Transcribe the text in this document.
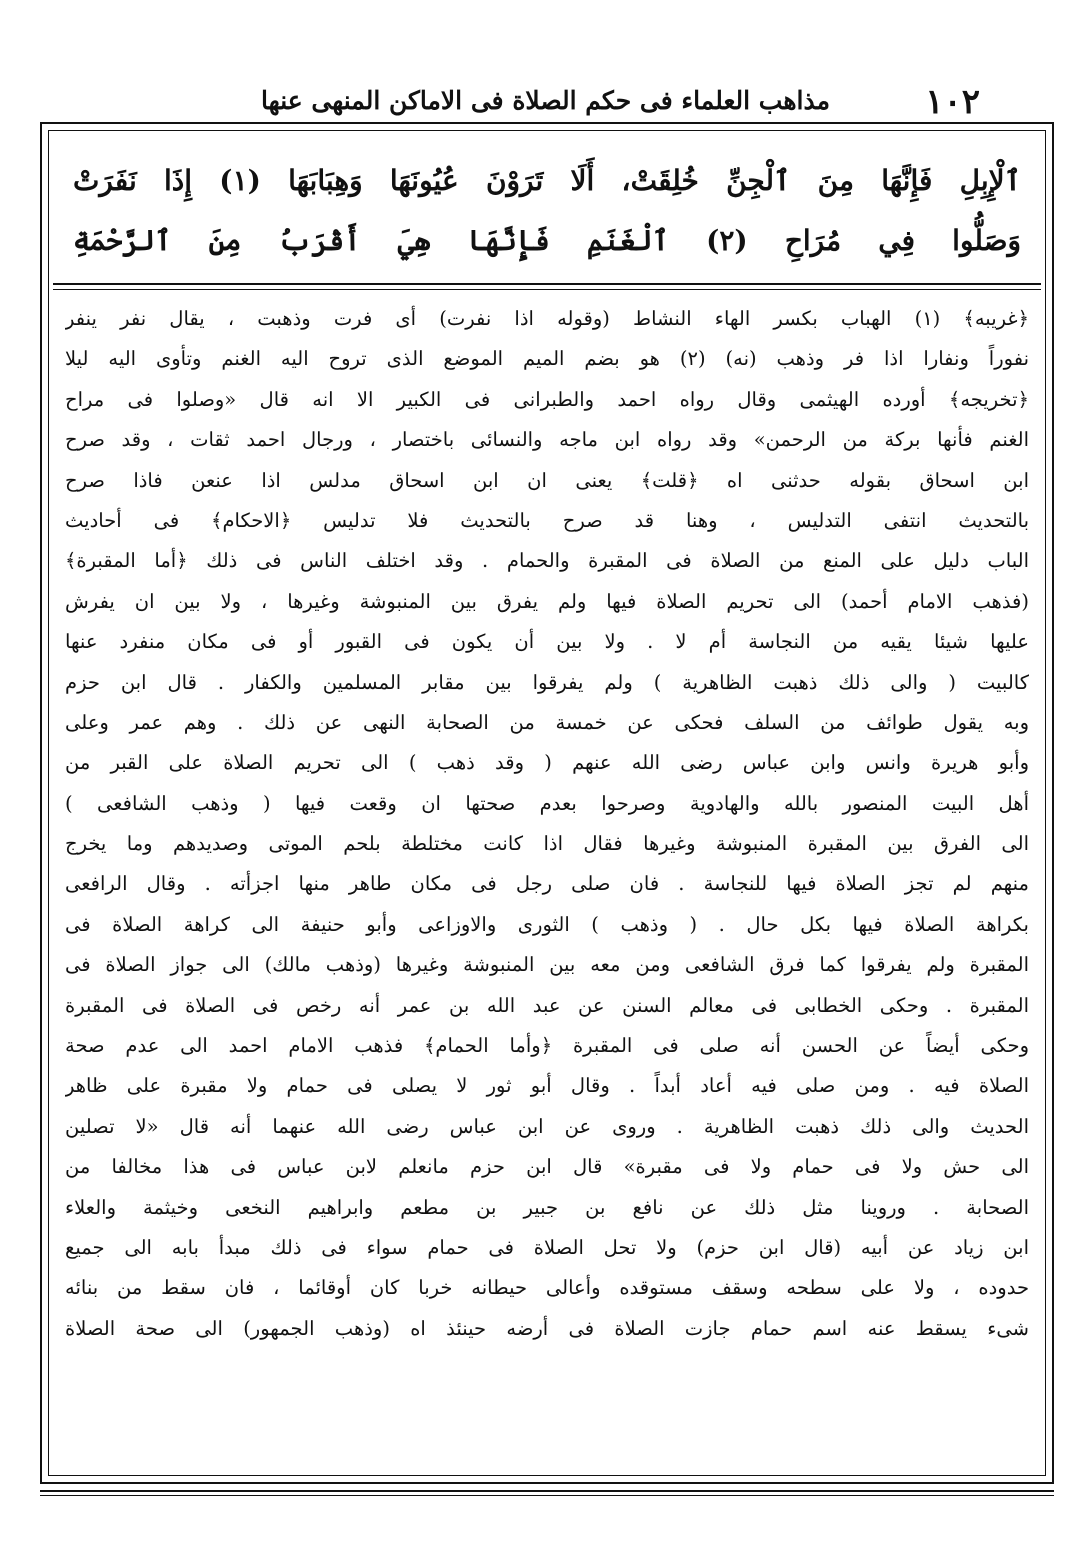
١٠٢
مذاهب العلماء فى حكم الصلاة فى الاماكن المنهى عنها
ٱلْإِبِلِ فَإِنَّهَا مِنَ ٱلْجِنِّ خُلِقَتْ، أَلَا تَرَوْنَ عُيُونَهَا وَهِبَابَهَا (١) إِذَا نَفَرَتْ
وَصَلُّوا فِي مُرَاحِ (٢) ٱلْغَنَمِ فَإِنَّهَا هِيَ أَقْرَبُ مِنَ ٱلرَّحْمَةِ
﴿غريبه﴾ (١) الهباب بكسر الهاء النشاط (وقوله اذا نفرت) أى فرت وذهبت ، يقال نفر ينفر
نفوراً ونفارا اذا فر وذهب (نه) (٢) هو بضم الميم الموضع الذى تروح اليه الغنم وتأوى اليه ليلا
﴿تخريجه﴾ أورده الهيثمى وقال رواه احمد والطبرانى فى الكبير الا انه قال «وصلوا فى مراح
الغنم فأنها بركة من الرحمن» وقد رواه ابن ماجه والنسائى باختصار ، ورجال احمد ثقات ، وقد صرح
ابن اسحاق بقوله حدثنى اه ﴿قلت﴾ يعنى ان ابن اسحاق مدلس اذا عنعن فاذا صرح
بالتحديث انتفى التدليس ، وهنا قد صرح بالتحديث فلا تدليس ﴿الاحكام﴾ فى أحاديث
الباب دليل على المنع من الصلاة فى المقبرة والحمام . وقد اختلف الناس فى ذلك ﴿أما المقبرة﴾
(فذهب الامام أحمد) الى تحريم الصلاة فيها ولم يفرق بين المنبوشة وغيرها ، ولا بين ان يفرش
عليها شيئا يقيه من النجاسة أم لا . ولا بين أن يكون فى القبور أو فى مكان منفرد عنها
كالبيت ( والى ذلك ذهبت الظاهرية ) ولم يفرقوا بين مقابر المسلمين والكفار . قال ابن حزم
وبه يقول طوائف من السلف فحكى عن خمسة من الصحابة النهى عن ذلك . وهم عمر وعلى
وأبو هريرة وانس وابن عباس رضى الله عنهم ( وقد ذهب ) الى تحريم الصلاة على القبر من
أهل البيت المنصور بالله والهادوية وصرحوا بعدم صحتها ان وقعت فيها ( وذهب الشافعى )
الى الفرق بين المقبرة المنبوشة وغيرها فقال اذا كانت مختلطة بلحم الموتى وصديدهم وما يخرج
منهم لم تجز الصلاة فيها للنجاسة . فان صلى رجل فى مكان طاهر منها اجزأته . وقال الرافعى
بكراهة الصلاة فيها بكل حال . ( وذهب ) الثورى والاوزاعى وأبو حنيفة الى كراهة الصلاة فى
المقبرة ولم يفرقوا كما فرق الشافعى ومن معه بين المنبوشة وغيرها (وذهب مالك) الى جواز الصلاة فى
المقبرة . وحكى الخطابى فى معالم السنن عن عبد الله بن عمر أنه رخص فى الصلاة فى المقبرة
وحكى أيضاً عن الحسن أنه صلى فى المقبرة ﴿وأما الحمام﴾ فذهب الامام احمد الى عدم صحة
الصلاة فيه . ومن صلى فيه أعاد أبداً . وقال أبو ثور لا يصلى فى حمام ولا مقبرة على ظاهر
الحديث والى ذلك ذهبت الظاهرية . وروى عن ابن عباس رضى الله عنهما أنه قال «لا تصلين
الى حش ولا فى حمام ولا فى مقبرة» قال ابن حزم مانعلم لابن عباس فى هذا مخالفا من
الصحابة . وروينا مثل ذلك عن نافع بن جبير بن مطعم وابراهيم النخعى وخيثمة والعلاء
ابن زياد عن أبيه (قال ابن حزم) ولا تحل الصلاة فى حمام سواء فى ذلك مبدأ بابه الى جميع
حدوده ، ولا على سطحه وسقف مستوقده وأعالى حيطانه خربا كان أوقائما ، فان سقط من بنائه
شىء يسقط عنه اسم حمام جازت الصلاة فى أرضه حينئذ اه (وذهب الجمهور) الى صحة الصلاة
